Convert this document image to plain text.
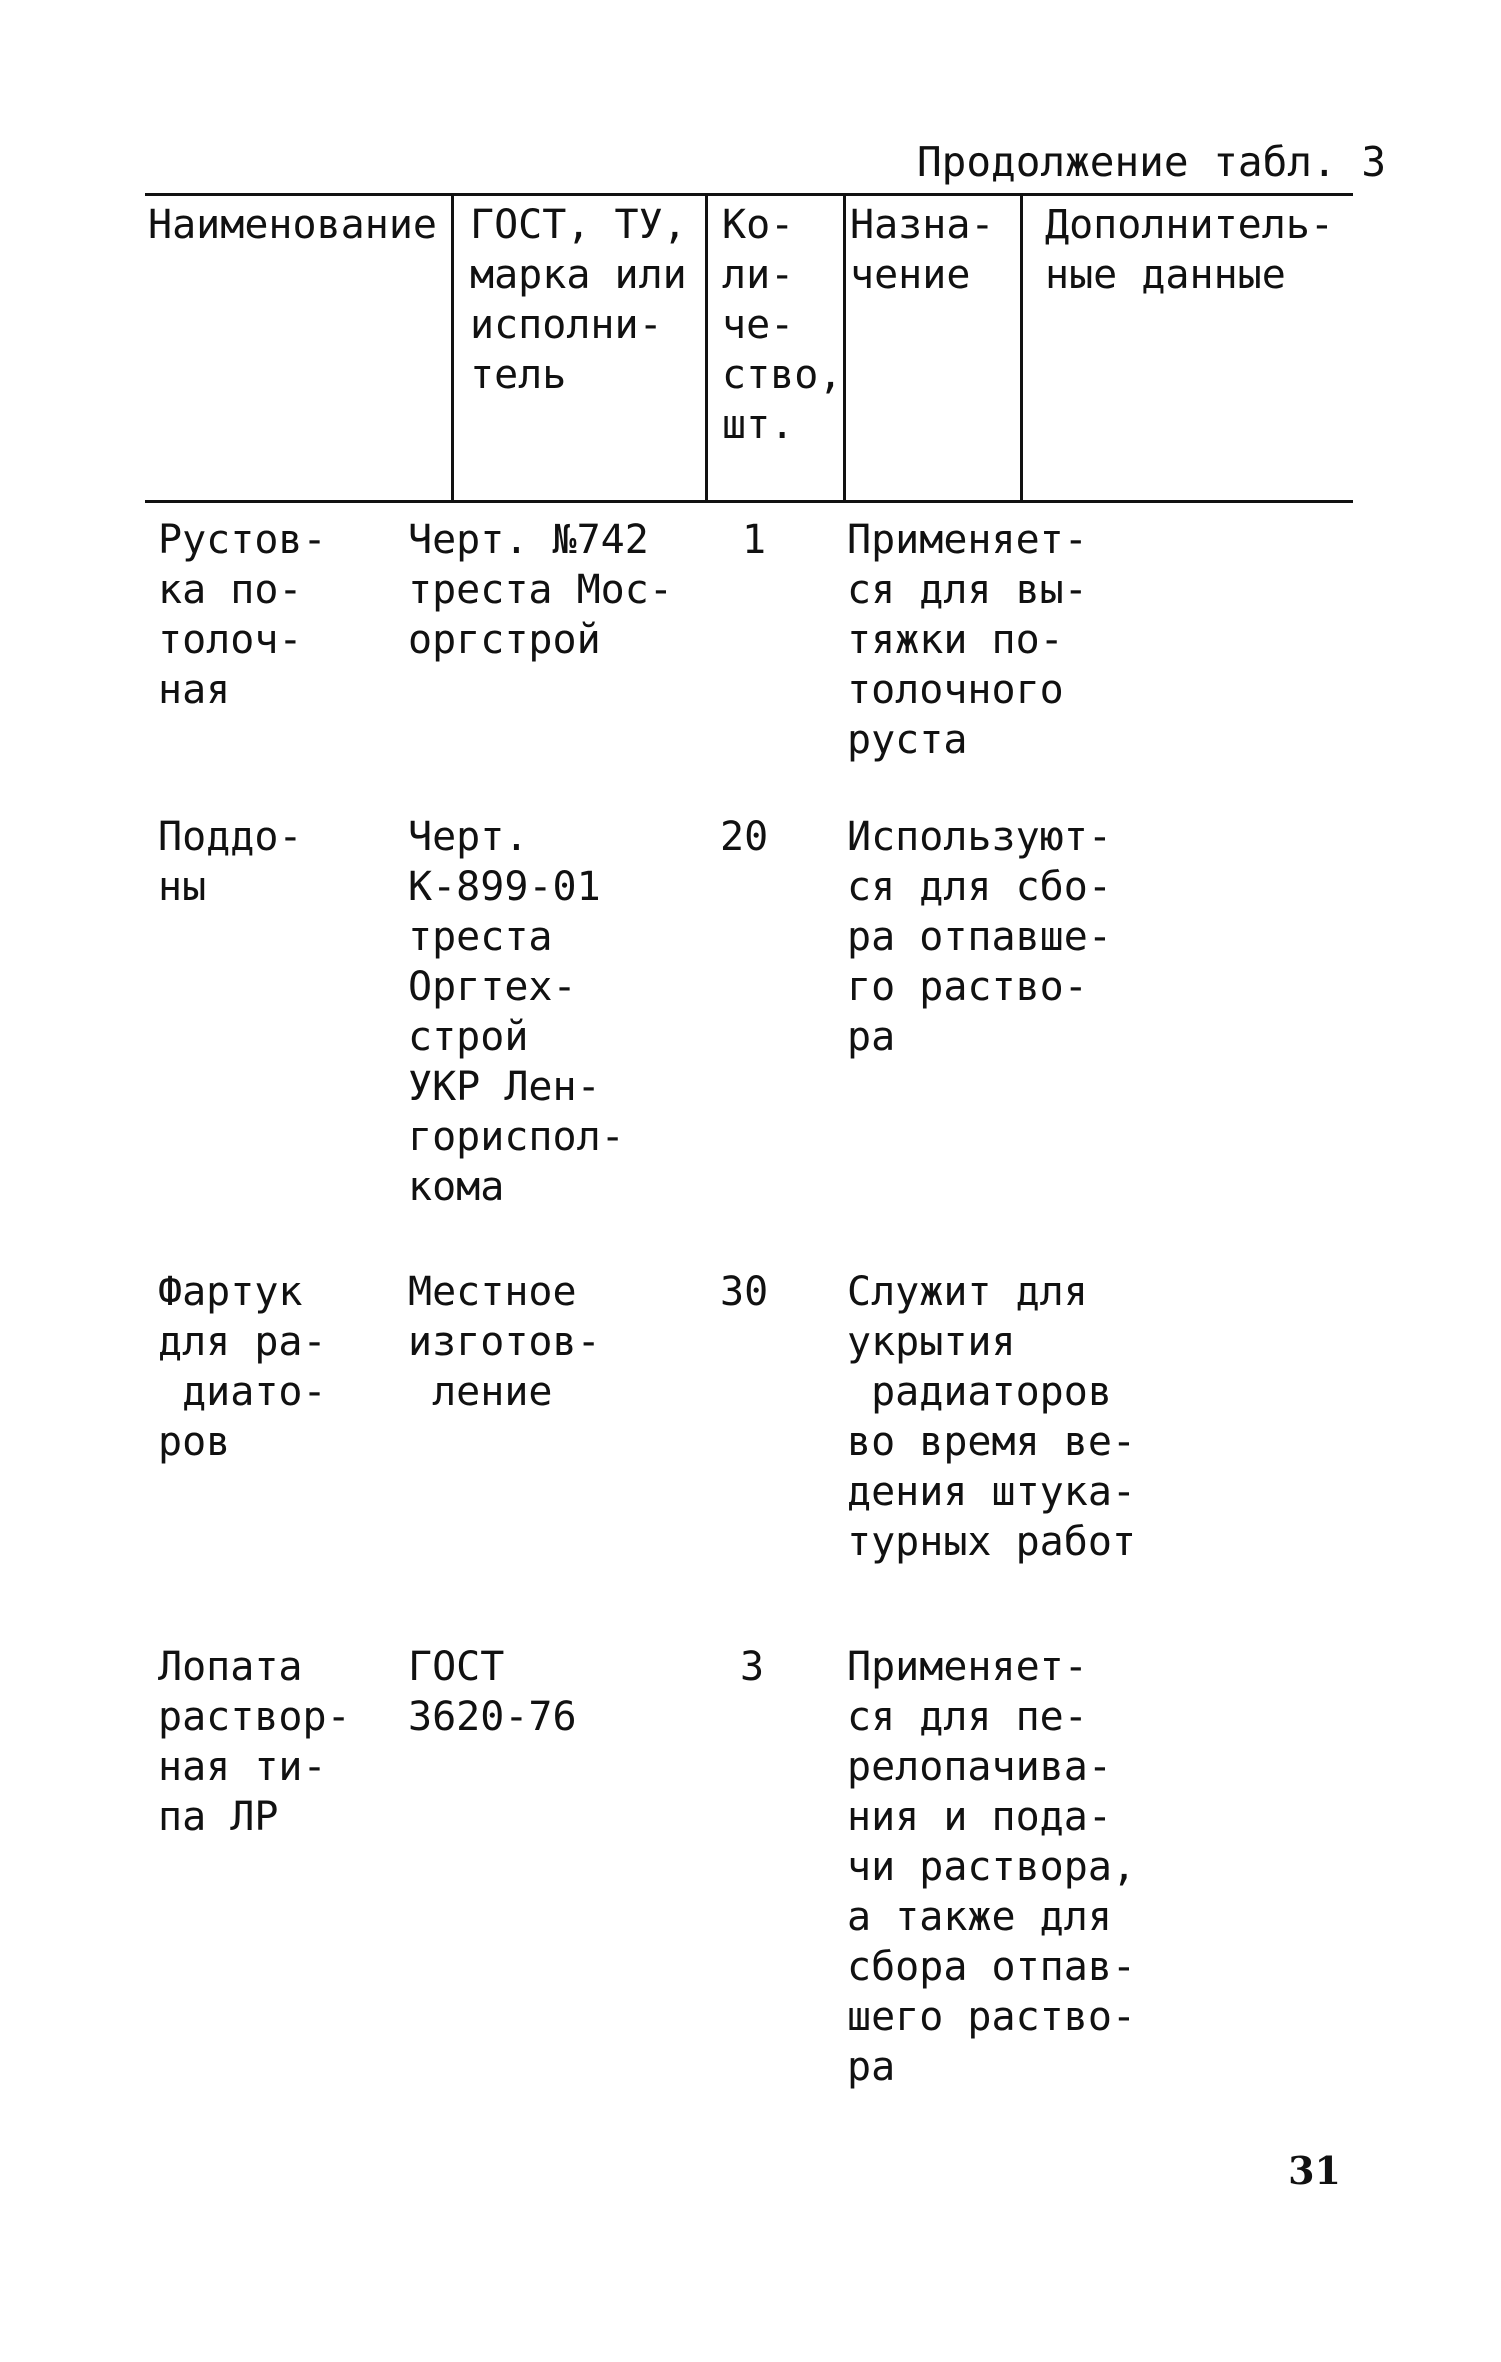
Продолжение табл. 3
Наименование ГОСТ, ТУ,
марка или
исполни-
тель
Ко-
ли-
че-
ство,
шт.
Назна-
чение
Дополнитель-
ные данные
Рустов-
ка по-
толоч-
ная
Черт. №742
треста Мос-
оргстрой
1 Применяет-
ся для вы-
тяжки по-
толочного
руста
Поддо-
ны
Черт.
К-899-01
треста
Оргтех-
строй
УКР Лен-
гориспол-
кома
20 Используют-
ся для сбо-
ра отпавше-
го раство-
ра
Фартук
для ра-
диато-
ров
Местное
изготов-
ление
30 Служит для
укрытия
радиаторов
во время ве-
дения штука-
турных работ
Лопата
раствор-
ная ти-
па ЛР
ГОСТ
3620-76
3 Применяет-
ся для пе-
релопачива-
ния и пода-
чи раствора,
а также для
сбора отпав-
шего раство-
ра
31
